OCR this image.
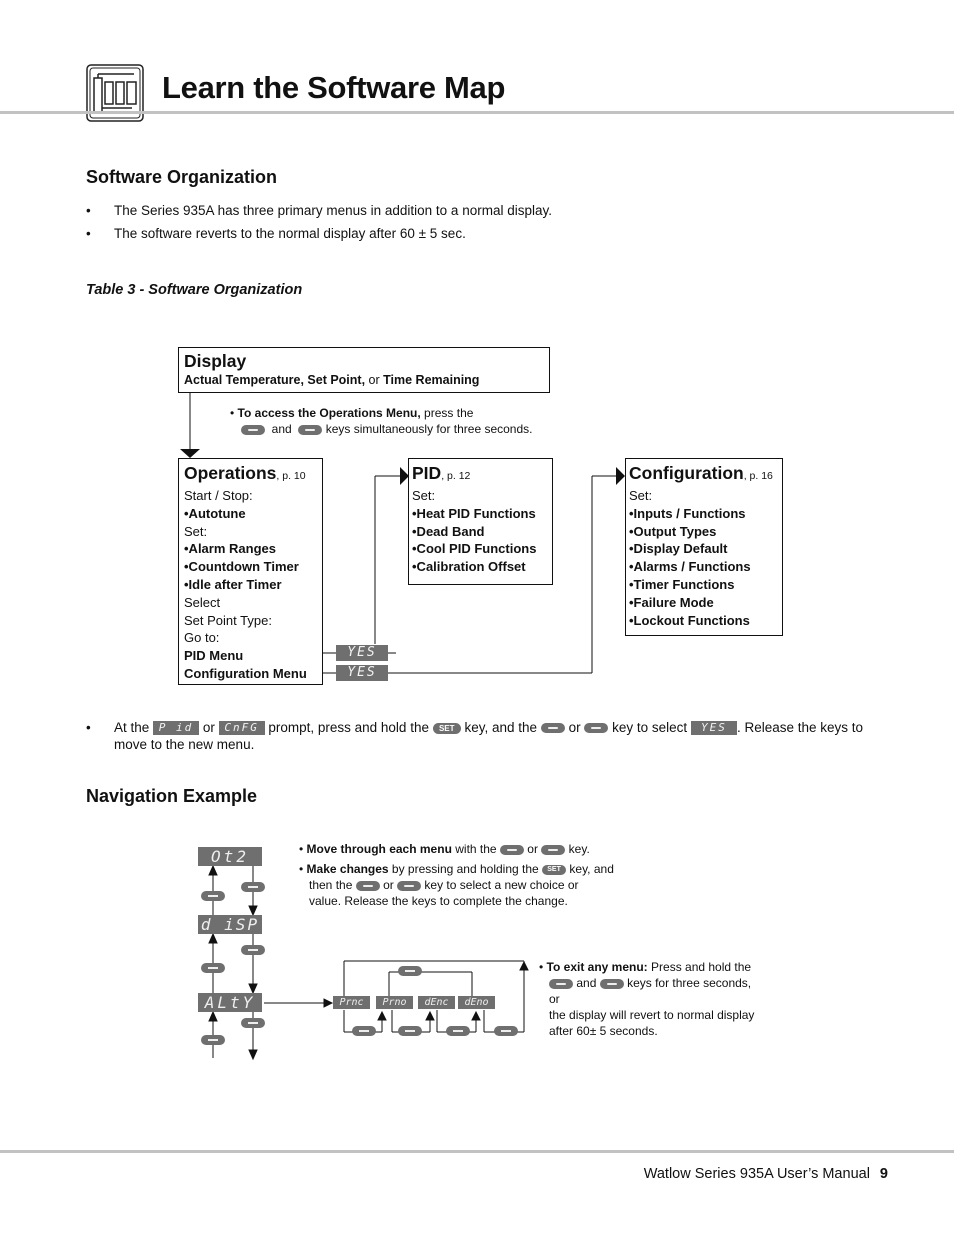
Learn the Software Map
Software Organization
• The Series 935A has three primary menus in addition to a normal display.
• The software reverts to the normal display after 60 ± 5 sec.
Table 3 - Software Organization
Display
Actual Temperature, Set Point, or Time Remaining
• To access the Operations Menu, press the
and	keys simultaneously for three seconds.
Operations, p. 10
Start / Stop:
•Autotune
Set:
•Alarm Ranges
•Countdown Timer
•Idle after Timer
Select
Set Point Type:
Go to:
PID Menu
Configuration Menu
YES
YES
PID, p. 12
Set:
•Heat PID Functions
•Dead Band
•Cool PID Functions
•Calibration Offset
Configuration, p. 16
Set:
•Inputs / Functions
•Output Types
•Display Default
•Alarms / Functions
•Timer Functions
•Failure Mode
•Lockout Functions
• At the P id or CnFG prompt, press and hold the SET key, and the or key to select YES . Release the keys to
move to the new menu.
Navigation Example
Ot2
d iSP
ALtY	Prnc	Prno	dEnc	dEno
• Move through each menu with the	or	key.
• Make changes by pressing and holding the SET key, and
then the	or	key to select a new choice or
value. Release the keys to complete the change.
• To exit any menu: Press and hold the
and	keys for three seconds,
or
the display will revert to normal display
after 60± 5 seconds.
Watlow Series 935A User’s Manual 9
